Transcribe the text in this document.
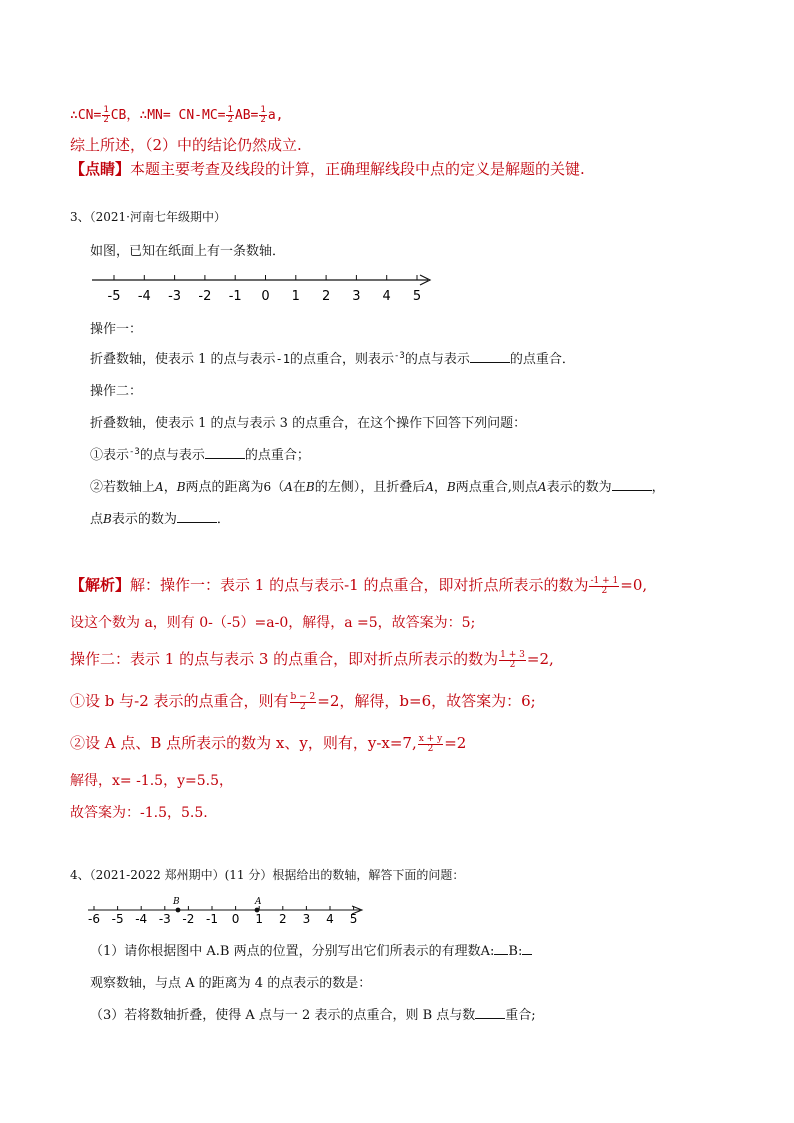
∴CN= $\frac{1}{2}$ CB，∴MN= $CN-MC= \frac{1}{2} AB= \frac{1}{2} a$,
综上所述，（2）中的结论仍然成立.
【点睛】本题主要考查及线段的计算，正确理解线段中点的定义是解题的关键.
3、（2021·河南七年级期中）
如图，已知在纸面上有一条数轴．
-5 -4 -3 -2 -1 0 1 2 3 4 5
操作一：
折叠数轴，使表示 1 的点与表示-1的点重合，则表示$^{-3}$的点与表示	的点重合．
操作二：
折叠数轴，使表示 1 的点与表示 3 的点重合，在这个操作下回答下列问题：
①表示$^{-3}$的点与表示	的点重合；
②若数轴上A，B两点的距离为6（A在B的左侧），且折叠后A，B两点重合,则点A表示的数为	，
点B表示的数为	．
【解析】解：操作一：表示 1 的点与表示-1 的点重合，即对折点所表示的数为 $\frac{-1 + 1}{2} =0$,
设这个数为 a，则有 0-（-5）=a-0，解得，a =5，故答案为：5;
操作二：表示 1 的点与表示 3 的点重合，即对折点所表示的数为 $\frac{1 + 3}{2} =2$,
①设 b 与-2 表示的点重合，则有 $\frac{b - 2}{2} =2$，解得，b=6，故答案为：6;
②设 A 点、B 点所表示的数为 x、y，则有，y-x=7, $\frac{x + y}{2} =2$
解得，x= -1.5，y=5.5，
故答案为：-1.5，5.5.
4、（2021-2022 郑州期中）(11 分）根据给出的数轴，解答下面的问题：
-6 -5 -4 -3 -2 -1 0 1 2 3 4 5
B	A
（1）请你根据图中 A.B 两点的位置，分别写出它们所表示的有理数A: B:
观察数轴，与点 A 的距离为 4 的点表示的数是：
（3）若将数轴折叠，使得 A 点与一 2 表示的点重合，则 B 点与数 重合;
